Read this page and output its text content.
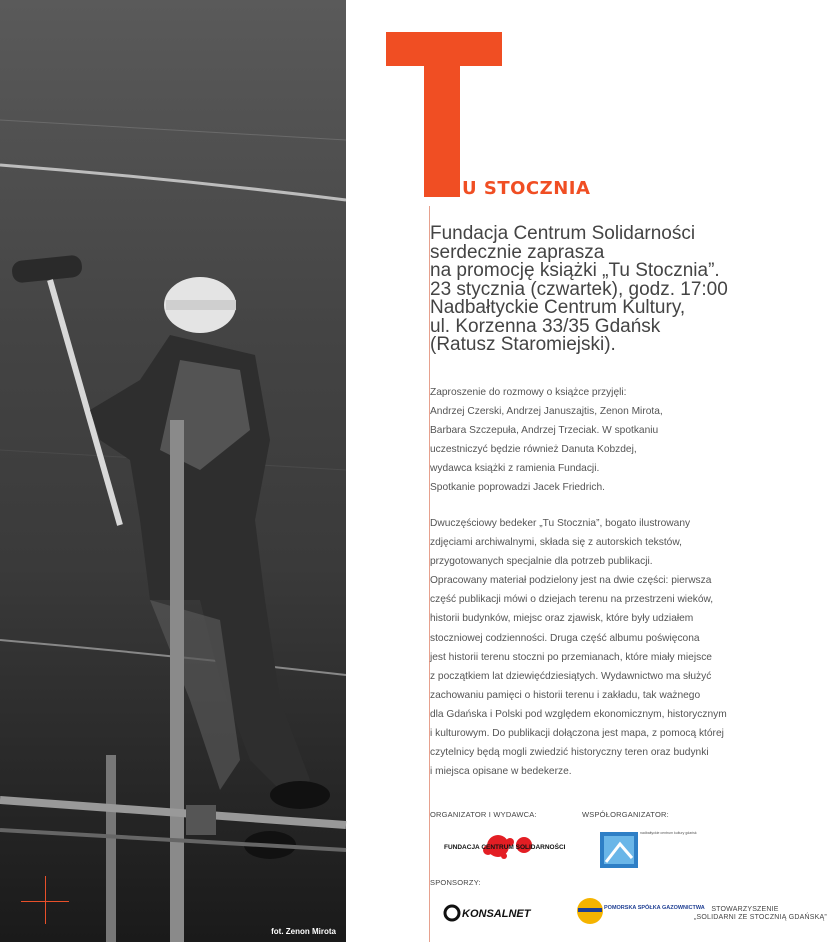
fot. Zenon Mirota
U STOCZNIA
Fundacja Centrum Solidarności
serdecznie zaprasza
na promocję książki „Tu Stocznia”.
23 stycznia (czwartek), godz. 17:00
Nadbałtyckie Centrum Kultury,
ul. Korzenna 33/35 Gdańsk
(Ratusz Staromiejski).
Zaproszenie do rozmowy o książce przyjęli:
Andrzej Czerski, Andrzej Januszajtis, Zenon Mirota,
Barbara Szczepuła, Andrzej Trzeciak. W spotkaniu
uczestniczyć będzie również Danuta Kobzdej,
wydawca książki z ramienia Fundacji.
Spotkanie poprowadzi Jacek Friedrich.
Dwuczęściowy bedeker „Tu Stocznia”, bogato ilustrowany
zdjęciami archiwalnymi, składa się z autorskich tekstów,
przygotowanych specjalnie dla potrzeb publikacji.
Opracowany materiał podzielony jest na dwie części: pierwsza
część publikacji mówi o dziejach terenu na przestrzeni wieków,
historii budynków, miejsc oraz zjawisk, które były udziałem
stoczniowej codzienności. Druga część albumu poświęcona
jest historii terenu stoczni po przemianach, które miały miejsce
z początkiem lat dziewięćdziesiątych. Wydawnictwo ma służyć
zachowaniu pamięci o historii terenu i zakładu, tak ważnego
dla Gdańska i Polski pod względem ekonomicznym, historycznym
i kulturowym. Do publikacji dołączona jest mapa, z pomocą której
czytelnicy będą mogli zwiedzić historyczny teren oraz budynki
i miejsca opisane w bedekerze.
ORGANIZATOR I WYDAWCA:	WSPÓŁORGANIZATOR:
FUNDACJA CENTRUM SOLIDARNOŚCI
nadbałtyckie centrum kultury gdańsk
SPONSORZY:
KONSALNET	POMORSKA SPÓŁKA GAZOWNICTWA STOWARZYSZENIE
„SOLIDARNI ZE STOCZNIĄ GDAŃSKĄ”
